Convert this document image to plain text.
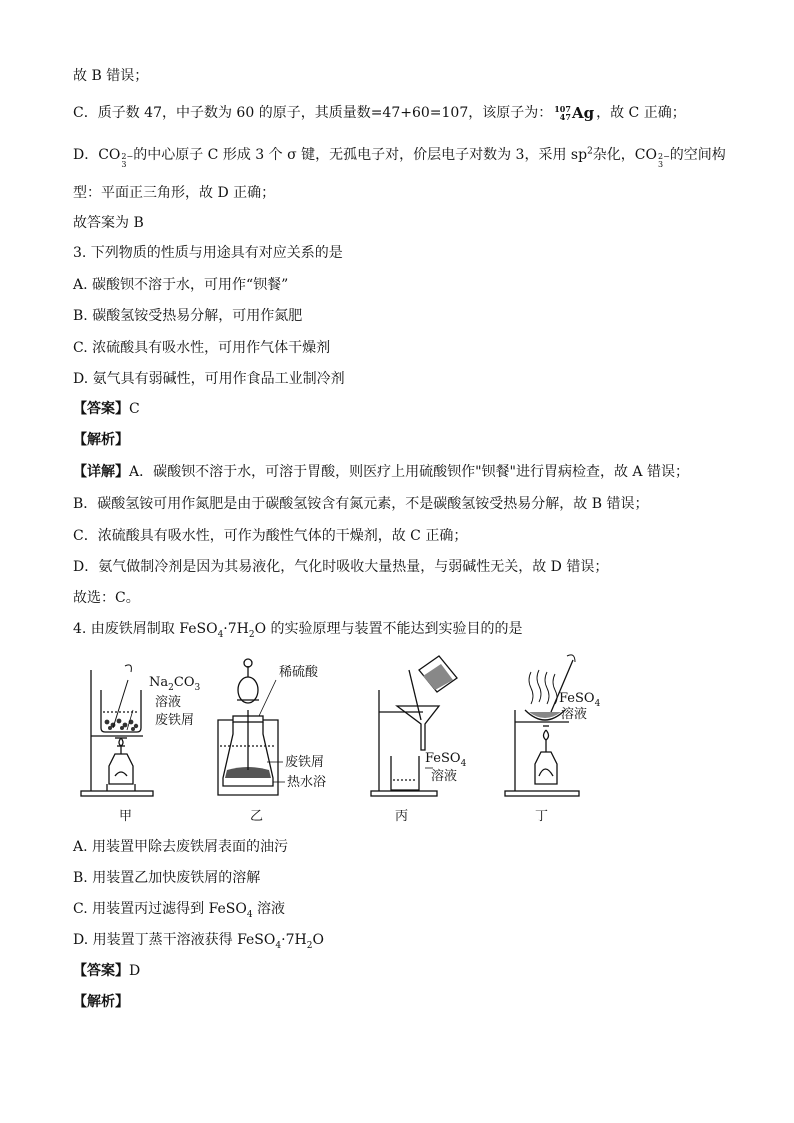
故 B 错误；
C．质子数 47，中子数为 60 的原子，其质量数=47+60=107，该原子为： 107
47 Ag ，故 C 正确；
D．CO 2−
3
的中心原子 C 形成 3 个 σ 键，无孤电子对，价层电子对数为 3，采用 $sp^2$杂化，CO 2−
3
的空间构
型：平面正三角形，故 D 正确；
故答案为 B
3. 下列物质的性质与用途具有对应关系的是
A. 碳酸钡不溶于水，可用作“钡餐”
B. 碳酸氢铵受热易分解，可用作氮肥
C. 浓硫酸具有吸水性，可用作气体干燥剂
D. 氨气具有弱碱性，可用作食品工业制冷剂
【答案】C
【解析】
【详解】A．碳酸钡不溶于水，可溶于胃酸，则医疗上用硫酸钡作"钡餐"进行胃病检查，故 A 错误；
B．碳酸氢铵可用作氮肥是由于碳酸氢铵含有氮元素，不是碳酸氢铵受热易分解，故 B 错误；
C．浓硫酸具有吸水性，可作为酸性气体的干燥剂，故 C 正确；
D．氨气做制冷剂是因为其易液化，气化时吸收大量热量，与弱碱性无关，故 D 错误；
故选：C。
4. 由废铁屑制取 $FeSO_4\cdot 7H_2O$ 的实验原理与装置不能达到实验目的的是
$Na_2CO_3$
溶液
废铁屑
稀硫酸
废铁屑
热水浴
FeSO$_4$
溶液
FeSO$_4$
溶液
甲	乙	丙	丁
A. 用装置甲除去废铁屑表面的油污
B. 用装置乙加快废铁屑的溶解
C. 用装置丙过滤得到 FeSO$_4$ 溶液
D. 用装置丁蒸干溶液获得 $FeSO_4\cdot 7H_2O$
【答案】D
【解析】
